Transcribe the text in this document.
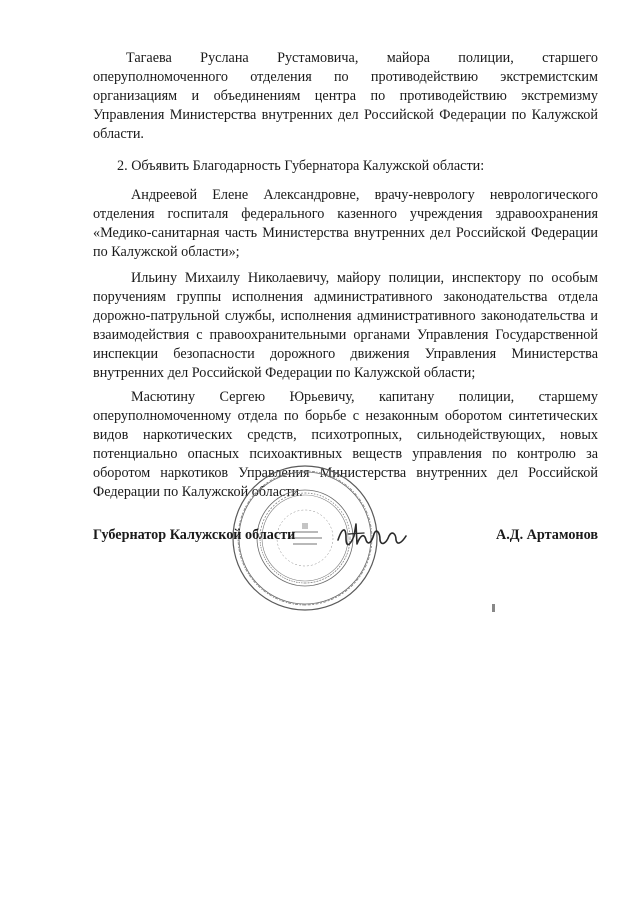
Тагаева Руслана Рустамовича, майора полиции, старшего оперуполномоченного отделения по противодействию экстремистским организациям и объединениям центра по противодействию экстремизму Управления Министерства внутренних дел Российской Федерации по Калужской области.

2. Объявить Благодарность Губернатора Калужской области:

Андреевой Елене Александровне, врачу-неврологу неврологического отделения госпиталя федерального казенного учреждения здравоохранения «Медико-санитарная часть Министерства внутренних дел Российской Федерации по Калужской области»;

Ильину Михаилу Николаевичу, майору полиции, инспектору по особым поручениям группы исполнения административного законодательства отдела дорожно-патрульной службы, исполнения административного законодательства и взаимодействия с правоохранительными органами Управления Государственной инспекции безопасности дорожного движения Управления Министерства внутренних дел Российской Федерации по Калужской области;

Масютину Сергею Юрьевичу, капитану полиции, старшему оперуполномоченному отдела по борьбе с незаконным оборотом синтетических видов наркотических средств, психотропных, сильнодействующих, новых потенциально опасных психоактивных веществ управления по контролю за оборотом наркотиков Управления Министерства внутренних дел Российской Федерации по Калужской области.

Губернатор Калужской области	А.Д. Артамонов
